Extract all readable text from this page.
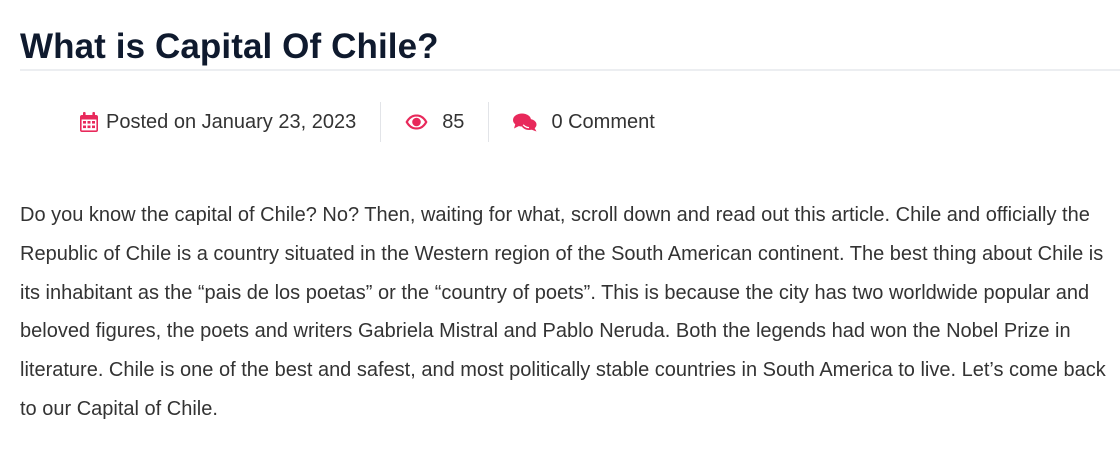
What is Capital Of Chile?
Posted on January 23, 2023	85	0 Comment

Do you know the capital of Chile? No? Then, waiting for what, scroll down and read out this article. Chile and officially the Republic of Chile is a country situated in the Western region of the South American continent. The best thing about Chile is its inhabitant as the “pais de los poetas” or the “country of poets”. This is because the city has two worldwide popular and beloved figures, the poets and writers Gabriela Mistral and Pablo Neruda. Both the legends had won the Nobel Prize in literature. Chile is one of the best and safest, and most politically stable countries in South America to live. Let’s come back to our Capital of Chile.
